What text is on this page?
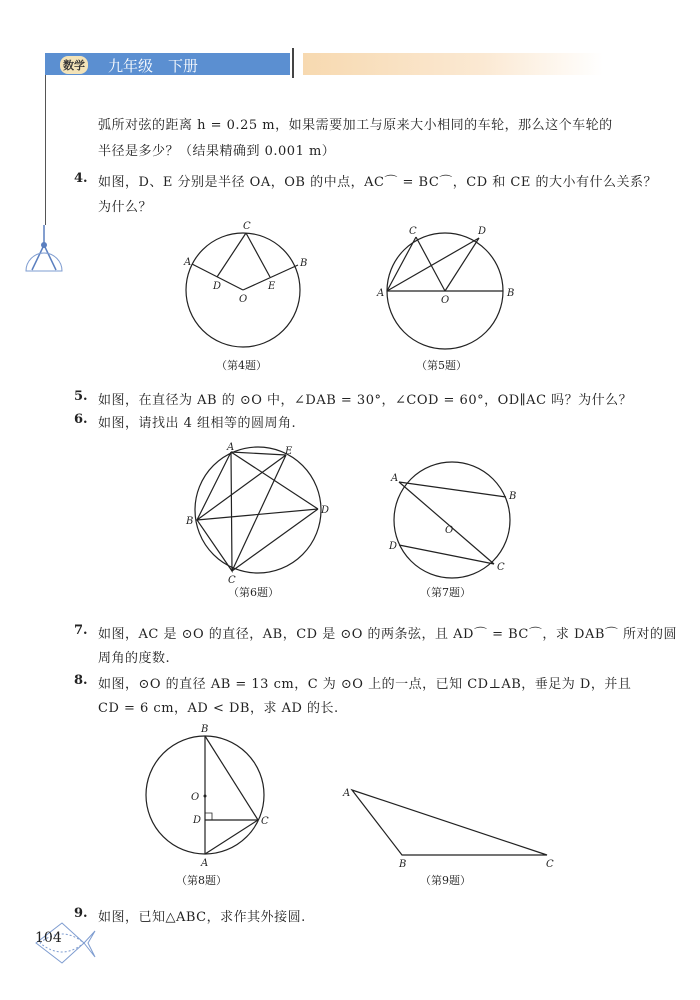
数学 九年级 下册
弧所对弦的距离 h = 0.25 m，如果需要加工与原来大小相同的车轮，那么这个车轮的
半径是多少？（结果精确到 0.001 m）
4. 如图，D、E 分别是半径 OA，OB 的中点，AC⌒ = BC⌒，CD 和 CE 的大小有什么关系？
为什么？
5. 如图，在直径为 AB 的 ⊙O 中，∠DAB = 30°，∠COD = 60°，OD∥AC 吗？为什么？
6. 如图，请找出 4 组相等的圆周角.
7. 如图，AC 是 ⊙O 的直径，AB，CD 是 ⊙O 的两条弦，且 AD⌒ = BC⌒，求 DAB⌒ 所对的圆
周角的度数.
8. 如图，⊙O 的直径 AB = 13 cm，C 为 ⊙O 上的一点，已知 CD⊥AB，垂足为 D，并且
CD = 6 cm，AD < DB，求 AD 的长.
9. 如图，已知△ABC，求作其外接圆.
C
A	B
D	E
O
（第4题）
C	D
A	B
O
（第5题）
A	E
B
D
C
（第6题）
A
B
O
D
C
（第7题）
B
O
D	C
A
（第8题）
A
B	C
（第9题）
104
